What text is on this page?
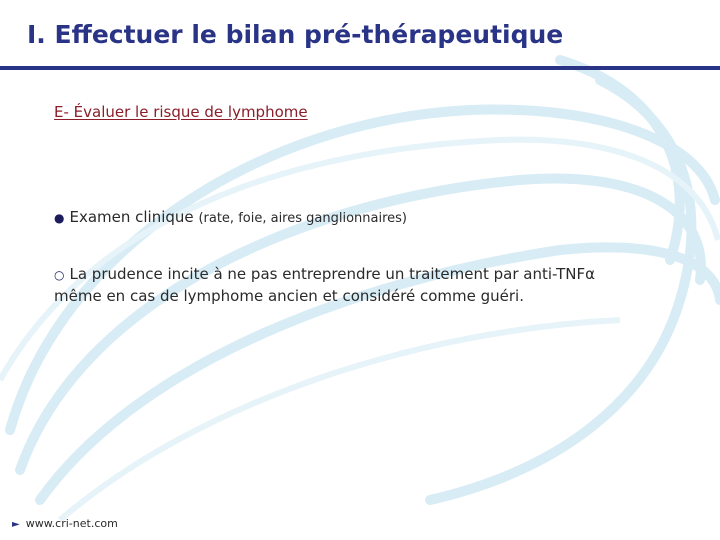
I. Effectuer le bilan pré-thérapeutique
E- Évaluer le risque de lymphome
● Examen clinique (rate, foie, aires ganglionnaires)
○ La prudence incite à ne pas entreprendre un traitement par anti-TNFα
même en cas de lymphome ancien et considéré comme guéri.
► www.cri-net.com
